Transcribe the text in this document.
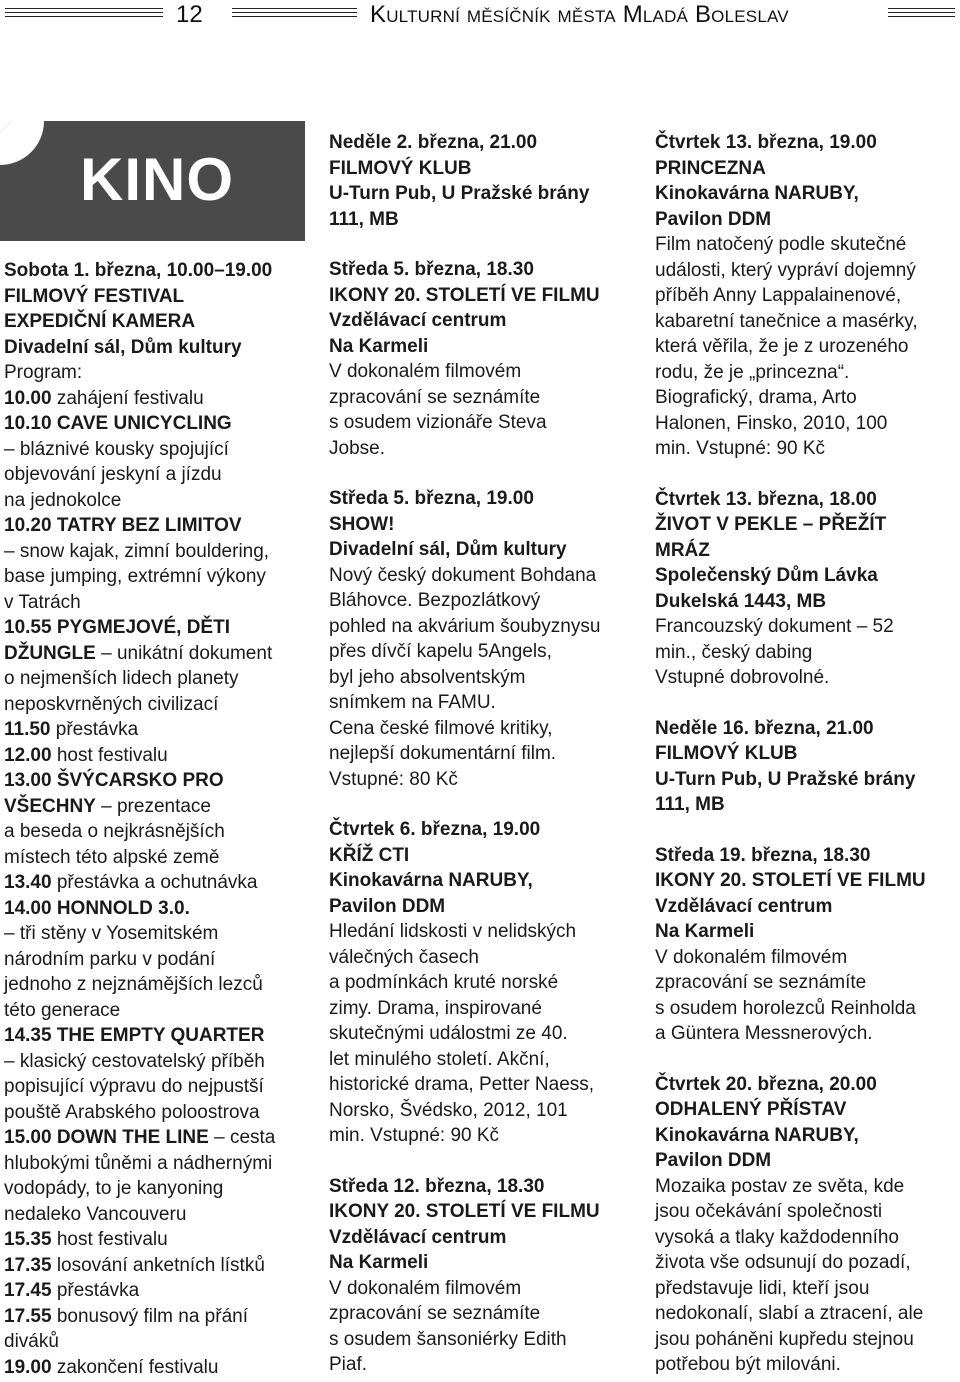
12	Kulturní měsíčník města Mladá Boleslav
KINO
Sobota 1. března, 10.00–19.00
FILMOVÝ FESTIVAL
EXPEDIČNÍ KAMERA
Divadelní sál, Dům kultury
Program:
10.00 zahájení festivalu
10.10 CAVE UNICYCLING
– bláznivé kousky spojující
objevování jeskyní a jízdu
na jednokolce
10.20 TATRY BEZ LIMITOV
– snow kajak, zimní bouldering,
base jumping, extrémní výkony
v Tatrách
10.55 PYGMEJOVÉ, DĚTI
DŽUNGLE – unikátní dokument
o nejmenších lidech planety
neposkvrněných civilizací
11.50 přestávka
12.00 host festivalu
13.00 ŠVÝCARSKO PRO
VŠECHNY – prezentace
a beseda o nejkrásnějších
místech této alpské země
13.40 přestávka a ochutnávka
14.00 HONNOLD 3.0.
– tři stěny v Yosemitském
národním parku v podání
jednoho z nejznámějších lezců
této generace
14.35 THE EMPTY QUARTER
– klasický cestovatelský příběh
popisující výpravu do nejpustší
pouště Arabského poloostrova
15.00 DOWN THE LINE – cesta
hlubokými tůněmi a nádhernými
vodopády, to je kanyoning
nedaleko Vancouveru
15.35 host festivalu
17.35 losování anketních lístků
17.45 přestávka
17.55 bonusový film na přání
diváků
19.00 zakončení festivalu
Neděle 2. března, 21.00
FILMOVÝ KLUB
U-Turn Pub, U Pražské brány
111, MB
Středa 5. března, 18.30
IKONY 20. STOLETÍ VE FILMU
Vzdělávací centrum
Na Karmeli
V dokonalém filmovém
zpracování se seznámíte
s osudem vizionáře Steva
Jobse.
Středa 5. března, 19.00
SHOW!
Divadelní sál, Dům kultury
Nový český dokument Bohdana
Bláhovce. Bezpozlátkový
pohled na akvárium šoubyznysu
přes dívčí kapelu 5Angels,
byl jeho absolventským
snímkem na FAMU.
Cena české filmové kritiky,
nejlepší dokumentární film.
Vstupné: 80 Kč
Čtvrtek 6. března, 19.00
KŘÍŽ CTI
Kinokavárna NARUBY,
Pavilon DDM
Hledání lidskosti v nelidských
válečných časech
a podmínkách kruté norské
zimy. Drama, inspirované
skutečnými událostmi ze 40.
let minulého století. Akční,
historické drama, Petter Naess,
Norsko, Švédsko, 2012, 101
min. Vstupné: 90 Kč
Středa 12. března, 18.30
IKONY 20. STOLETÍ VE FILMU
Vzdělávací centrum
Na Karmeli
V dokonalém filmovém
zpracování se seznámíte
s osudem šansoniérky Edith
Piaf.
Čtvrtek 13. března, 19.00
PRINCEZNA
Kinokavárna NARUBY,
Pavilon DDM
Film natočený podle skutečné
události, který vypráví dojemný
příběh Anny Lappalainenové,
kabaretní tanečnice a masérky,
která věřila, že je z urozeného
rodu, že je „princezna“.
Biografický, drama, Arto
Halonen, Finsko, 2010, 100
min. Vstupné: 90 Kč
Čtvrtek 13. března, 18.00
ŽIVOT V PEKLE – PŘEŽÍT
MRÁZ
Společenský Dům Lávka
Dukelská 1443, MB
Francouzský dokument – 52
min., český dabing
Vstupné dobrovolné.
Neděle 16. března, 21.00
FILMOVÝ KLUB
U-Turn Pub, U Pražské brány
111, MB
Středa 19. března, 18.30
IKONY 20. STOLETÍ VE FILMU
Vzdělávací centrum
Na Karmeli
V dokonalém filmovém
zpracování se seznámíte
s osudem horolezců Reinholda
a Güntera Messnerových.
Čtvrtek 20. března, 20.00
ODHALENÝ PŘÍSTAV
Kinokavárna NARUBY,
Pavilon DDM
Mozaika postav ze světa, kde
jsou očekávání společnosti
vysoká a tlaky každodenního
života vše odsunují do pozadí,
představuje lidi, kteří jsou
nedokonalí, slabí a ztracení, ale
jsou poháněni kupředu stejnou
potřebou být milováni.
